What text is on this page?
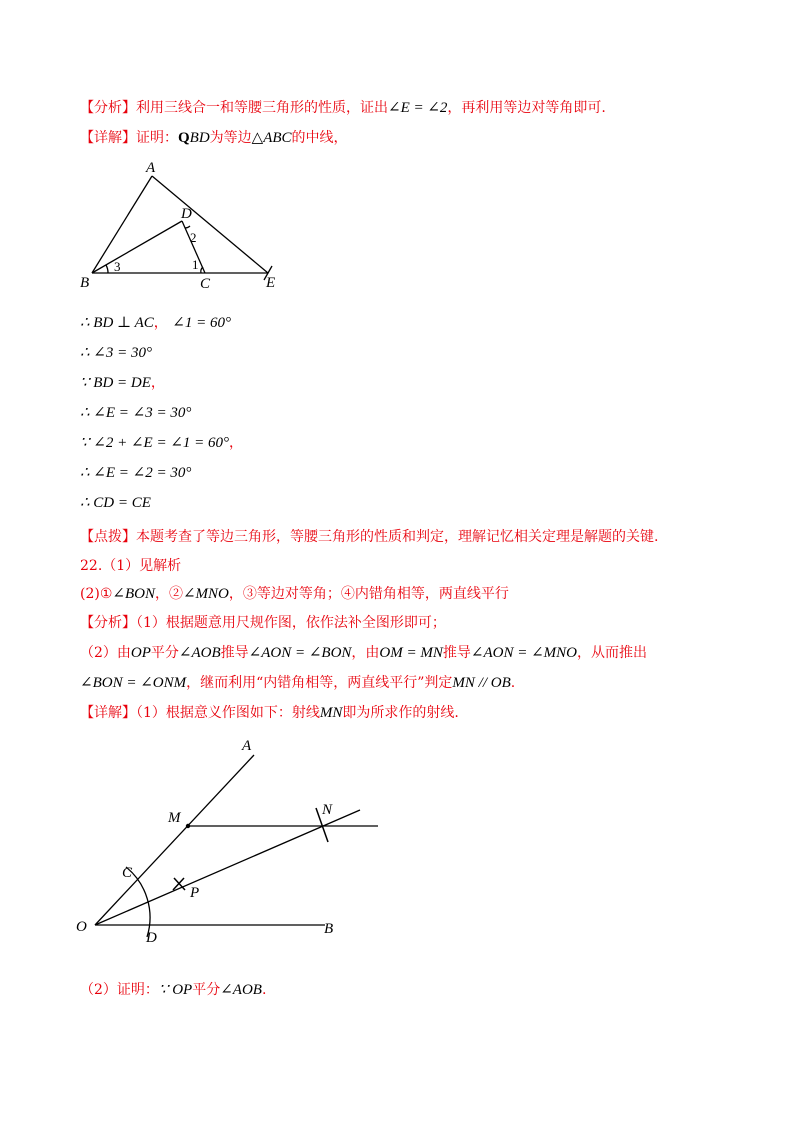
【分析】利用三线合一和等腰三角形的性质，证出∠E = ∠2，再利用等边对等角即可.
【详解】证明：QBD为等边△ABC的中线，
A
B	C
D
E
1
2
3
∴ BD ⊥ AC， ∠1 = 60°
∴ ∠3 = 30°
∵ BD = DE，
∴ ∠E = ∠3 = 30°
∵ ∠2 + ∠E = ∠1 = 60°，
∴ ∠E = ∠2 = 30°
∴ CD = CE
【点拨】本题考查了等边三角形，等腰三角形的性质和判定，理解记忆相关定理是解题的关键.
22.（1）见解析
(2)①∠BON，②∠MNO，③等边对等角；④内错角相等，两直线平行
【分析】（1）根据题意用尺规作图，依作法补全图形即可；
（2）由OP平分∠AOB推导∠AON = ∠BON，由OM = MN推导∠AON = ∠MNO，从而推出
∠BON = ∠ONM，继而利用“内错角相等，两直线平行”判定MN // OB.
【详解】（1）根据意义作图如下：射线MN即为所求作的射线.
A
M	N
C
P
O
D
B
（2）证明：∵ OP平分∠AOB.
